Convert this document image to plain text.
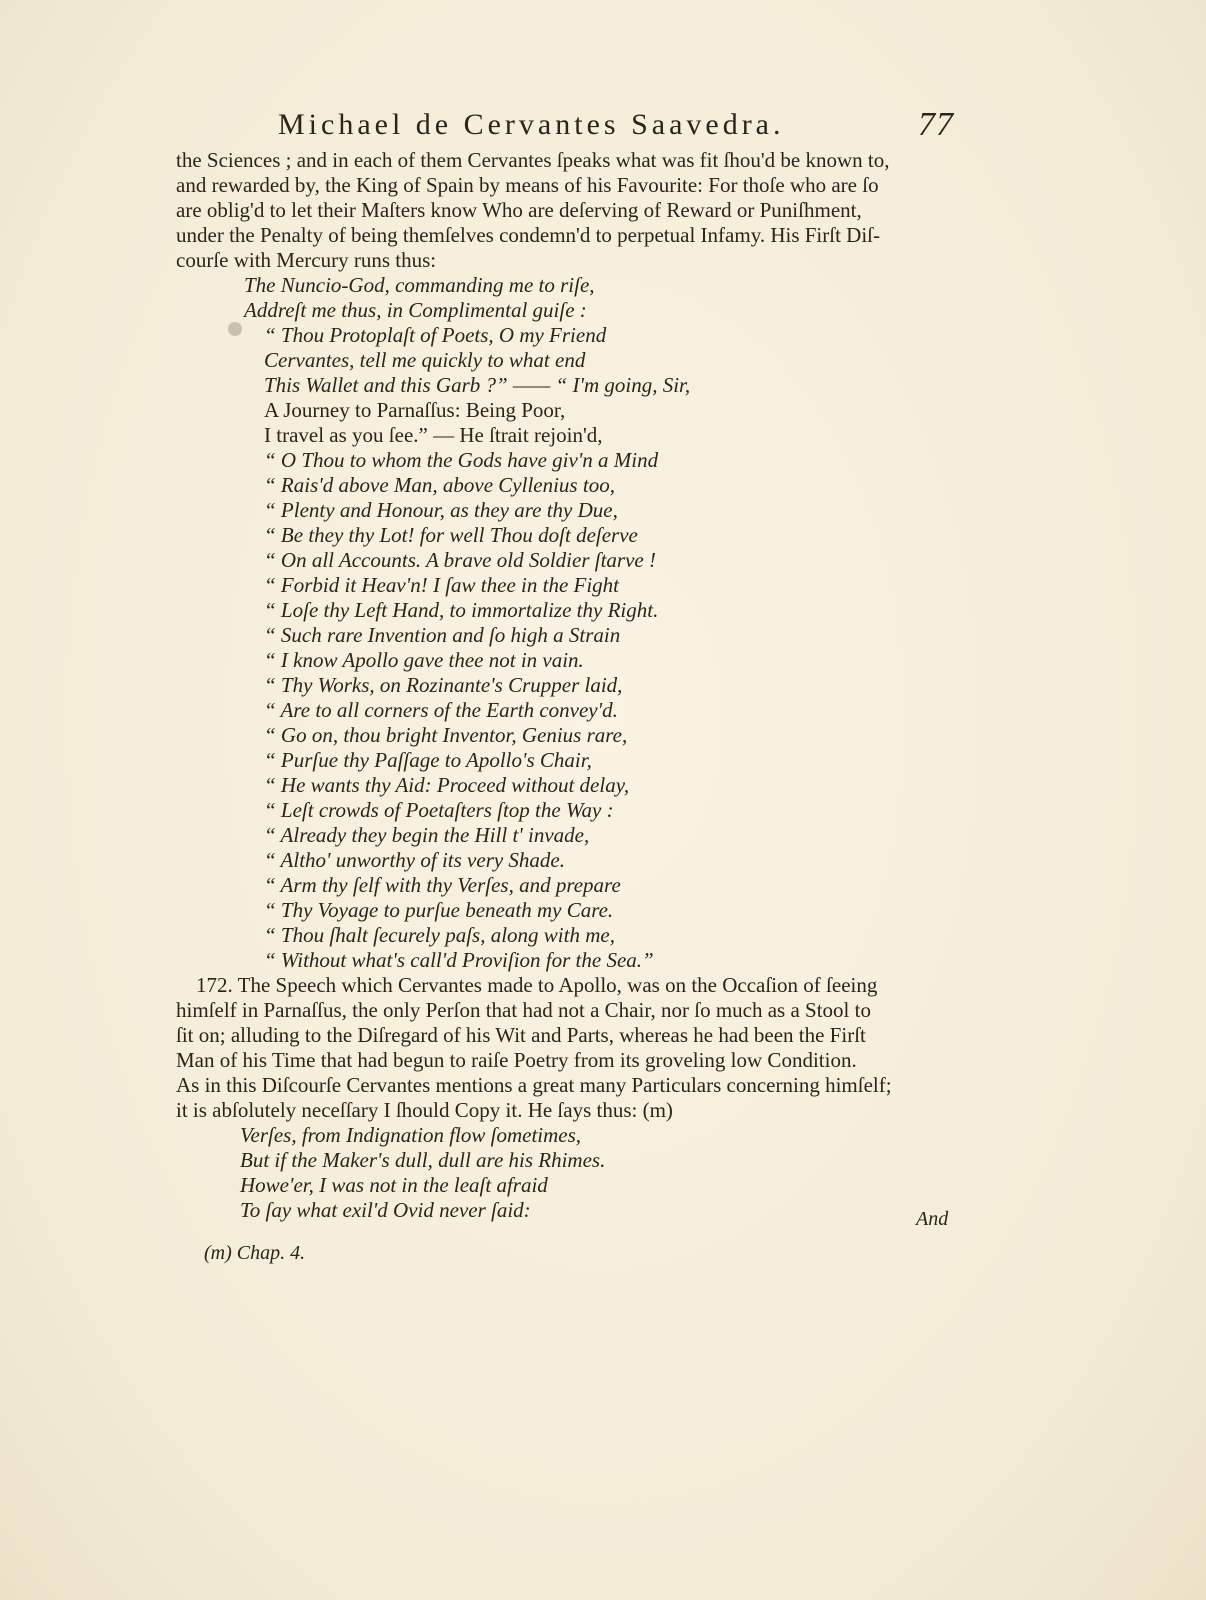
Michael de Cervantes Saavedra.	77
the Sciences ; and in each of them Cervantes ſpeaks what was fit ſhou'd be known to,
and rewarded by, the King of Spain by means of his Favourite: For thoſe who are ſo
are oblig'd to let their Maſters know Who are deſerving of Reward or Puniſhment,
under the Penalty of being themſelves condemn'd to perpetual Infamy. His Firſt Diſ-
courſe with Mercury runs thus:
The Nuncio-God, commanding me to riſe,
Addreſt me thus, in Complimental guiſe :
“ Thou Protoplaſt of Poets, O my Friend
Cervantes, tell me quickly to what end
This Wallet and this Garb ?” —— “ I'm going, Sir,
A Journey to Parnaſſus: Being Poor,
I travel as you ſee.” — He ſtrait rejoin'd,
“ O Thou to whom the Gods have giv'n a Mind
“ Rais'd above Man, above Cyllenius too,
“ Plenty and Honour, as they are thy Due,
“ Be they thy Lot! for well Thou doſt deſerve
“ On all Accounts. A brave old Soldier ſtarve !
“ Forbid it Heav'n! I ſaw thee in the Fight
“ Loſe thy Left Hand, to immortalize thy Right.
“ Such rare Invention and ſo high a Strain
“ I know Apollo gave thee not in vain.
“ Thy Works, on Rozinante's Crupper laid,
“ Are to all corners of the Earth convey'd.
“ Go on, thou bright Inventor, Genius rare,
“ Purſue thy Paſſage to Apollo's Chair,
“ He wants thy Aid: Proceed without delay,
“ Leſt crowds of Poetaſters ſtop the Way :
“ Already they begin the Hill t' invade,
“ Altho' unworthy of its very Shade.
“ Arm thy ſelf with thy Verſes, and prepare
“ Thy Voyage to purſue beneath my Care.
“ Thou ſhalt ſecurely paſs, along with me,
“ Without what's call'd Proviſion for the Sea.”
172. The Speech which Cervantes made to Apollo, was on the Occaſion of ſeeing
himſelf in Parnaſſus, the only Perſon that had not a Chair, nor ſo much as a Stool to
ſit on; alluding to the Diſregard of his Wit and Parts, whereas he had been the Firſt
Man of his Time that had begun to raiſe Poetry from its groveling low Condition.
As in this Diſcourſe Cervantes mentions a great many Particulars concerning himſelf;
it is abſolutely neceſſary I ſhould Copy it. He ſays thus: (m)
Verſes, from Indignation flow ſometimes,
But if the Maker's dull, dull are his Rhimes.
Howe'er, I was not in the leaſt afraid
To ſay what exil'd Ovid never ſaid:	And
(m) Chap. 4.
